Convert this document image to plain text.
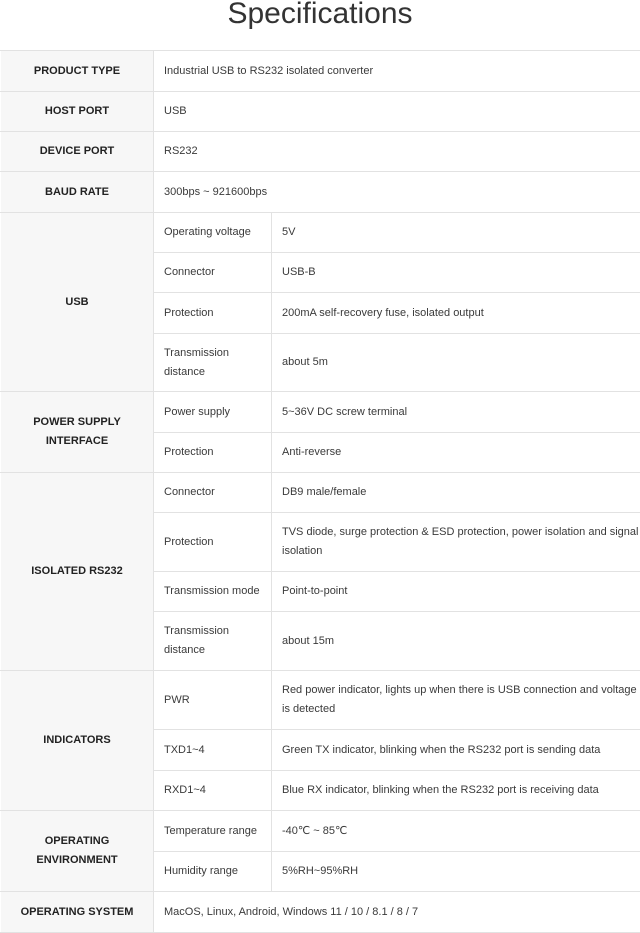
Specifications
PRODUCT TYPE	Industrial USB to RS232 isolated converter	
HOST PORT	USB	
DEVICE PORT	RS232	
BAUD RATE	300bps ~ 921600bps	
USB	Operating voltage	5V
	Connector	USB-B
	Protection	200mA self-recovery fuse, isolated output
	Transmission distance	about 5m
POWER SUPPLY INTERFACE	Power supply	5~36V DC screw terminal
	Protection	Anti-reverse
ISOLATED RS232	Connector	DB9 male/female
	Protection	TVS diode, surge protection & ESD protection, power isolation and signal isolation
	Transmission mode	Point-to-point
	Transmission distance	about 15m
INDICATORS	PWR	Red power indicator, lights up when there is USB connection and voltage is detected
	TXD1~4	Green TX indicator, blinking when the RS232 port is sending data
	RXD1~4	Blue RX indicator, blinking when the RS232 port is receiving data
OPERATING ENVIRONMENT	Temperature range	-40℃ ~ 85℃
	Humidity range	5%RH~95%RH
OPERATING SYSTEM	MacOS, Linux, Android, Windows 11 / 10 / 8.1 / 8 / 7	
